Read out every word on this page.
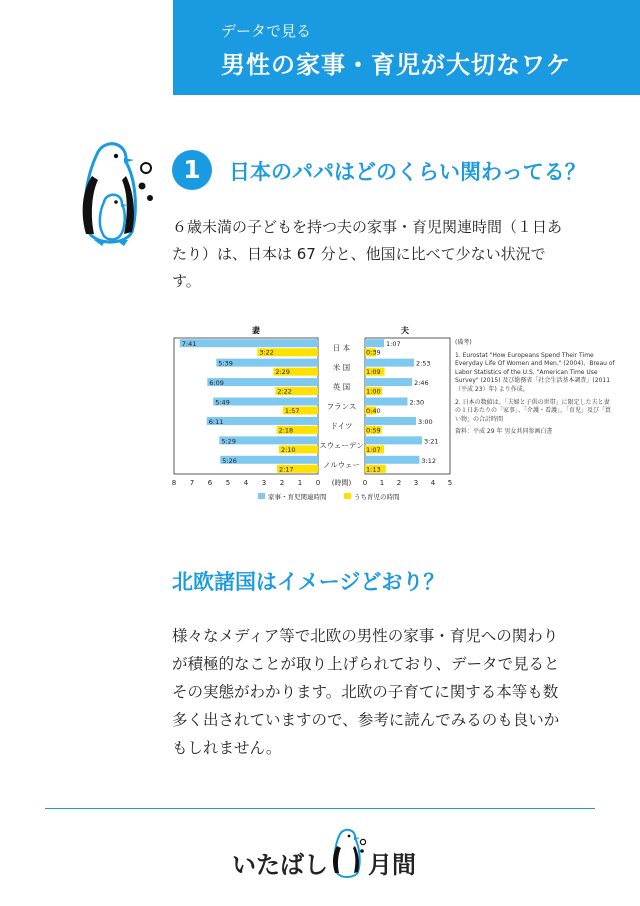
データで見る
男性の家事・育児が大切なワケ
1	日本のパパはどのくらい関わってる？
６歳未満の子どもを持つ夫の家事・育児関連時間（１日あたり）は、日本は 67 分と、他国に比べて少ない状況です。
妻	夫
7:41
3:22
1:07
0:39
日 本
5:39
2:29
2:53
1:09
米 国
6:09
2:22
2:46
1:00
英 国
5:49
1:57
2:30
0:40
フランス
6:11
2:18
3:00
0:59
ドイツ
5:29
2:10
3:21
1:07
スウェーデン
5:26
2:17
3:12
1:13
ノルウェー
8 7 6 5 4 3 2 1 0	0 1 2 3 4 5
(時間)
家事・育児関連時間	うち育児の時間

(備考)

1. Eurostat "How Europeans Spend Their Time Everyday Life Of Women and Men." (2004)、Breau of Labor Statistics of the U.S. "American Time Use Survey" (2015) 及び総務省「社会生活基本調査」(2011（平成 23）年) より作成。

2. 日本の数値は、「夫婦と子供の世帯」に限定した夫と妻の１日あたりの「家事」、「介護・看護」、「育児」及び「買い物」の合計時間

資料：平成 29 年 男女共同参画白書

北欧諸国はイメージどおり？
様々なメディア等で北欧の男性の家事・育児への関わりが積極的なことが取り上げられており、データで見るとその実態がわかります。北欧の子育てに関する本等も数多く出されていますので、参考に読んでみるのも良いかもしれません。
いたばし 月間
